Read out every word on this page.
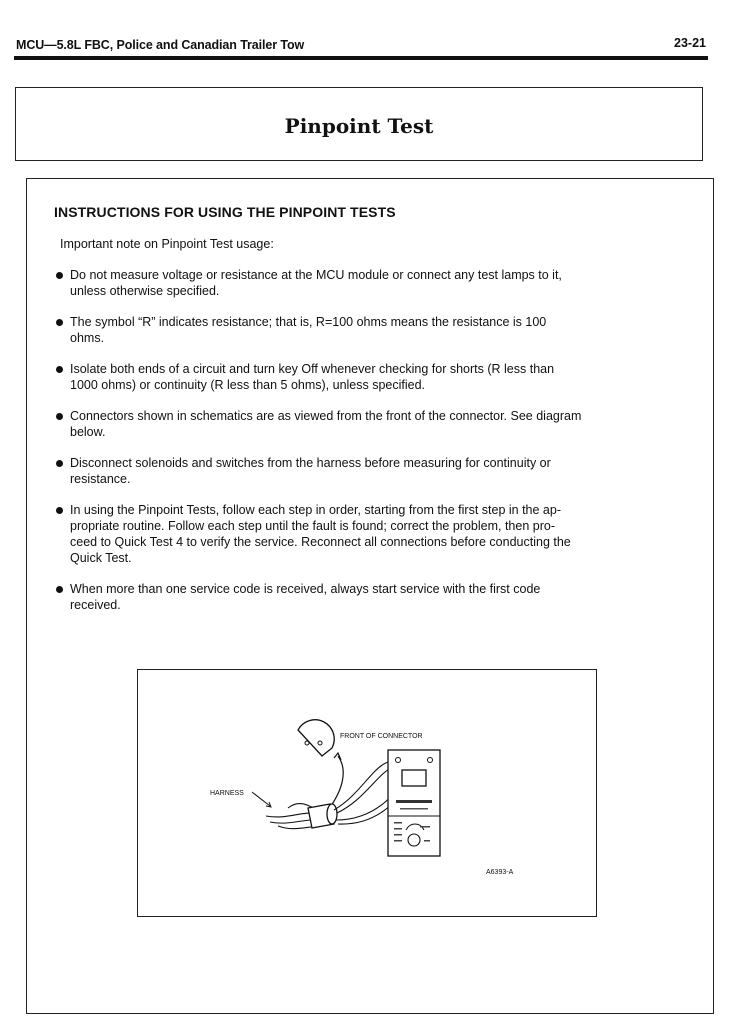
MCU—5.8L FBC, Police and Canadian Trailer Tow	23-21
Pinpoint Test
INSTRUCTIONS FOR USING THE PINPOINT TESTS
Important note on Pinpoint Test usage:
Do not measure voltage or resistance at the MCU module or connect any test lamps to it,
unless otherwise specified.
The symbol “R” indicates resistance; that is, R=100 ohms means the resistance is 100
ohms.
Isolate both ends of a circuit and turn key Off whenever checking for shorts (R less than
1000 ohms) or continuity (R less than 5 ohms), unless specified.
Connectors shown in schematics are as viewed from the front of the connector. See diagram
below.
Disconnect solenoids and switches from the harness before measuring for continuity or
resistance.
In using the Pinpoint Tests, follow each step in order, starting from the first step in the ap-
propriate routine. Follow each step until the fault is found; correct the problem, then pro-
ceed to Quick Test 4 to verify the service. Reconnect all connections before conducting the
Quick Test.
When more than one service code is received, always start service with the first code
received.
FRONT OF CONNECTOR
HARNESS
A6393-A
